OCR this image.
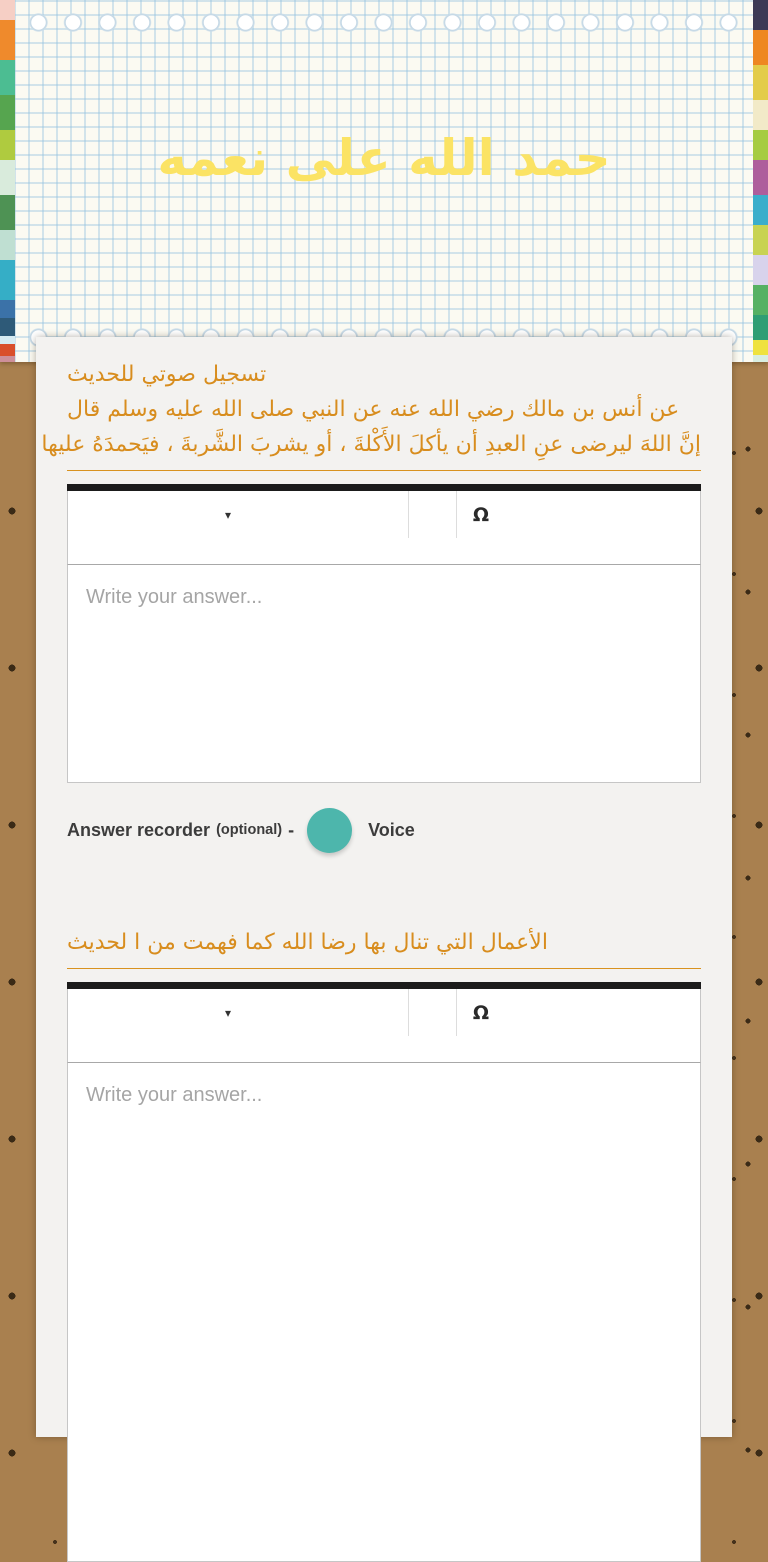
حمد الله على نعمه
تسجيل صوتي للحديث
عن أنس بن مالك رضي الله عنه عن النبي صلى الله عليه وسلم قال
إنَّ اللهَ ليرضى عنِ العبدِ أن يأكلَ الأَكْلةَ ، أو يشربَ الشَّربةَ ، فيَحمدَهُ عليها
▾	Ω
Write your answer...
Answer recorder (optional) -	Voice
الأعمال التي تنال بها رضا الله كما فهمت من ا لحديث
▾	Ω
Write your answer...
